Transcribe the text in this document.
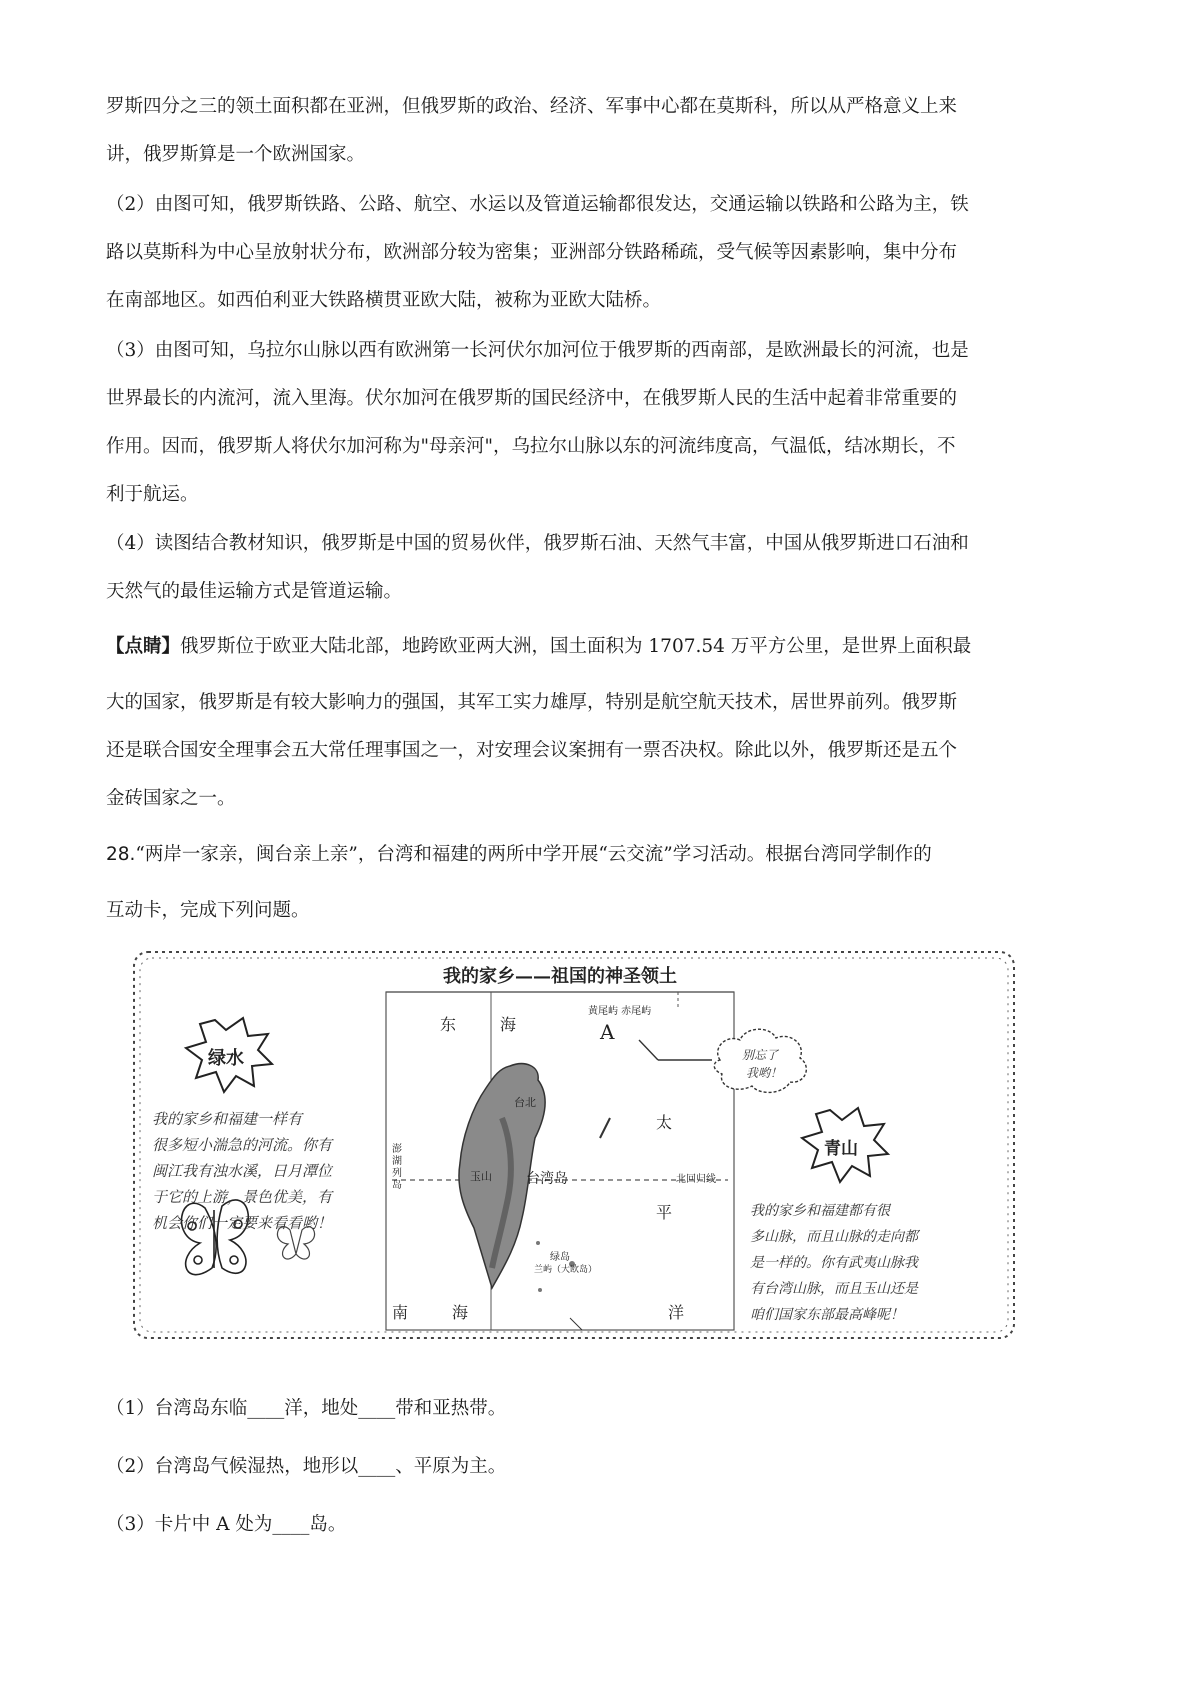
罗斯四分之三的领土面积都在亚洲，但俄罗斯的政治、经济、军事中心都在莫斯科，所以从严格意义上来
讲，俄罗斯算是一个欧洲国家。
（2）由图可知，俄罗斯铁路、公路、航空、水运以及管道运输都很发达，交通运输以铁路和公路为主，铁
路以莫斯科为中心呈放射状分布，欧洲部分较为密集；亚洲部分铁路稀疏，受气候等因素影响，集中分布
在南部地区。如西伯利亚大铁路横贯亚欧大陆，被称为亚欧大陆桥。
（3）由图可知，乌拉尔山脉以西有欧洲第一长河伏尔加河位于俄罗斯的西南部，是欧洲最长的河流，也是
世界最长的内流河，流入里海。伏尔加河在俄罗斯的国民经济中，在俄罗斯人民的生活中起着非常重要的
作用。因而，俄罗斯人将伏尔加河称为"母亲河"，乌拉尔山脉以东的河流纬度高，气温低，结冰期长，不
利于航运。
（4）读图结合教材知识，俄罗斯是中国的贸易伙伴，俄罗斯石油、天然气丰富，中国从俄罗斯进口石油和
天然气的最佳运输方式是管道运输。
【点睛】俄罗斯位于欧亚大陆北部，地跨欧亚两大洲，国土面积为 1707.54 万平方公里，是世界上面积最
大的国家，俄罗斯是有较大影响力的强国，其军工实力雄厚，特别是航空航天技术，居世界前列。俄罗斯
还是联合国安全理事会五大常任理事国之一，对安理会议案拥有一票否决权。除此以外，俄罗斯还是五个
金砖国家之一。
28.“两岸一家亲，闽台亲上亲”，台湾和福建的两所中学开展“云交流”学习活动。根据台湾同学制作的
互动卡，完成下列问题。
我的家乡——祖国的神圣领土
绿水
我的家乡和福建一样有
很多短小湍急的河流。你有
闽江我有浊水溪，日月潭位
于它的上游，景色优美，有
机会你们一定要来看看哟！
青山
我的家乡和福建都有很
多山脉，而且山脉的走向都
是一样的。你有武夷山脉我
有台湾山脉，而且玉山还是
咱们国家东部最高峰呢！
别忘了
我哟！
东	海
黄尾屿 赤尾屿
A
台北
太
平
洋
澎湖列岛
玉山 台湾岛	北回归线
绿岛
兰屿（大欧岛）
南	海
（1）台湾岛东临____洋，地处____带和亚热带。
（2）台湾岛气候湿热，地形以____、平原为主。
（3）卡片中 A 处为____岛。
